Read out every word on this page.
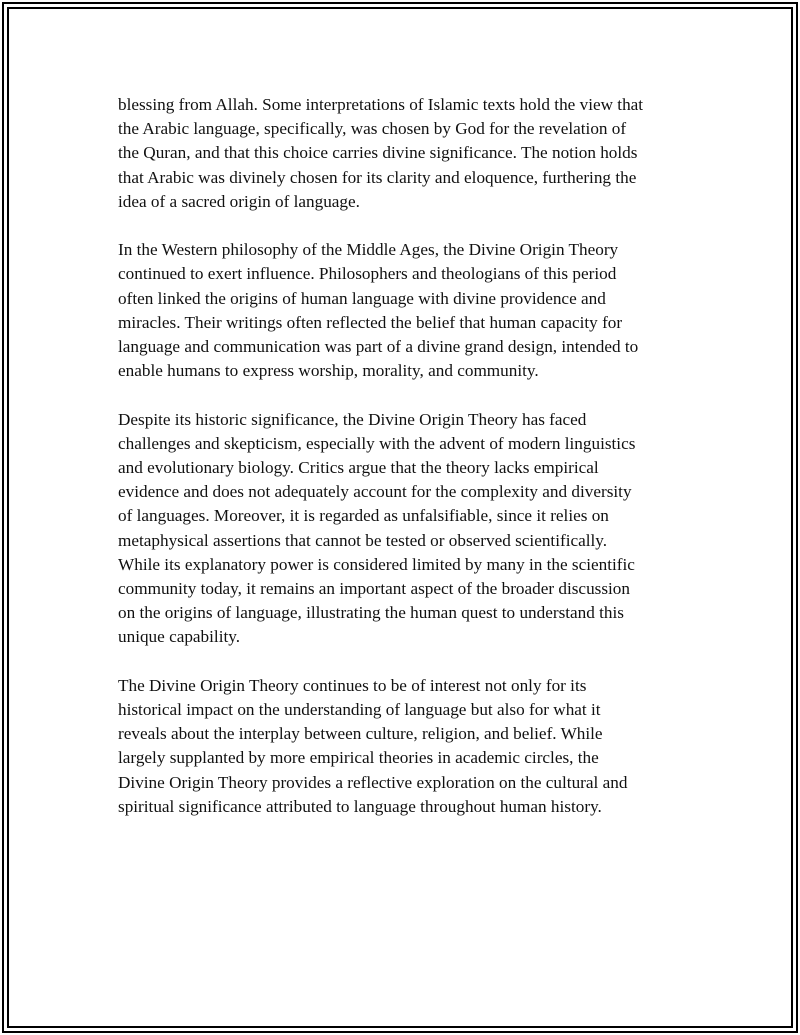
blessing from Allah. Some interpretations of Islamic texts hold the view that
the Arabic language, specifically, was chosen by God for the revelation of
the Quran, and that this choice carries divine significance. The notion holds
that Arabic was divinely chosen for its clarity and eloquence, furthering the
idea of a sacred origin of language.

In the Western philosophy of the Middle Ages, the Divine Origin Theory
continued to exert influence. Philosophers and theologians of this period
often linked the origins of human language with divine providence and
miracles. Their writings often reflected the belief that human capacity for
language and communication was part of a divine grand design, intended to
enable humans to express worship, morality, and community.

Despite its historic significance, the Divine Origin Theory has faced
challenges and skepticism, especially with the advent of modern linguistics
and evolutionary biology. Critics argue that the theory lacks empirical
evidence and does not adequately account for the complexity and diversity
of languages. Moreover, it is regarded as unfalsifiable, since it relies on
metaphysical assertions that cannot be tested or observed scientifically.
While its explanatory power is considered limited by many in the scientific
community today, it remains an important aspect of the broader discussion
on the origins of language, illustrating the human quest to understand this
unique capability.

The Divine Origin Theory continues to be of interest not only for its
historical impact on the understanding of language but also for what it
reveals about the interplay between culture, religion, and belief. While
largely supplanted by more empirical theories in academic circles, the
Divine Origin Theory provides a reflective exploration on the cultural and
spiritual significance attributed to language throughout human history.
